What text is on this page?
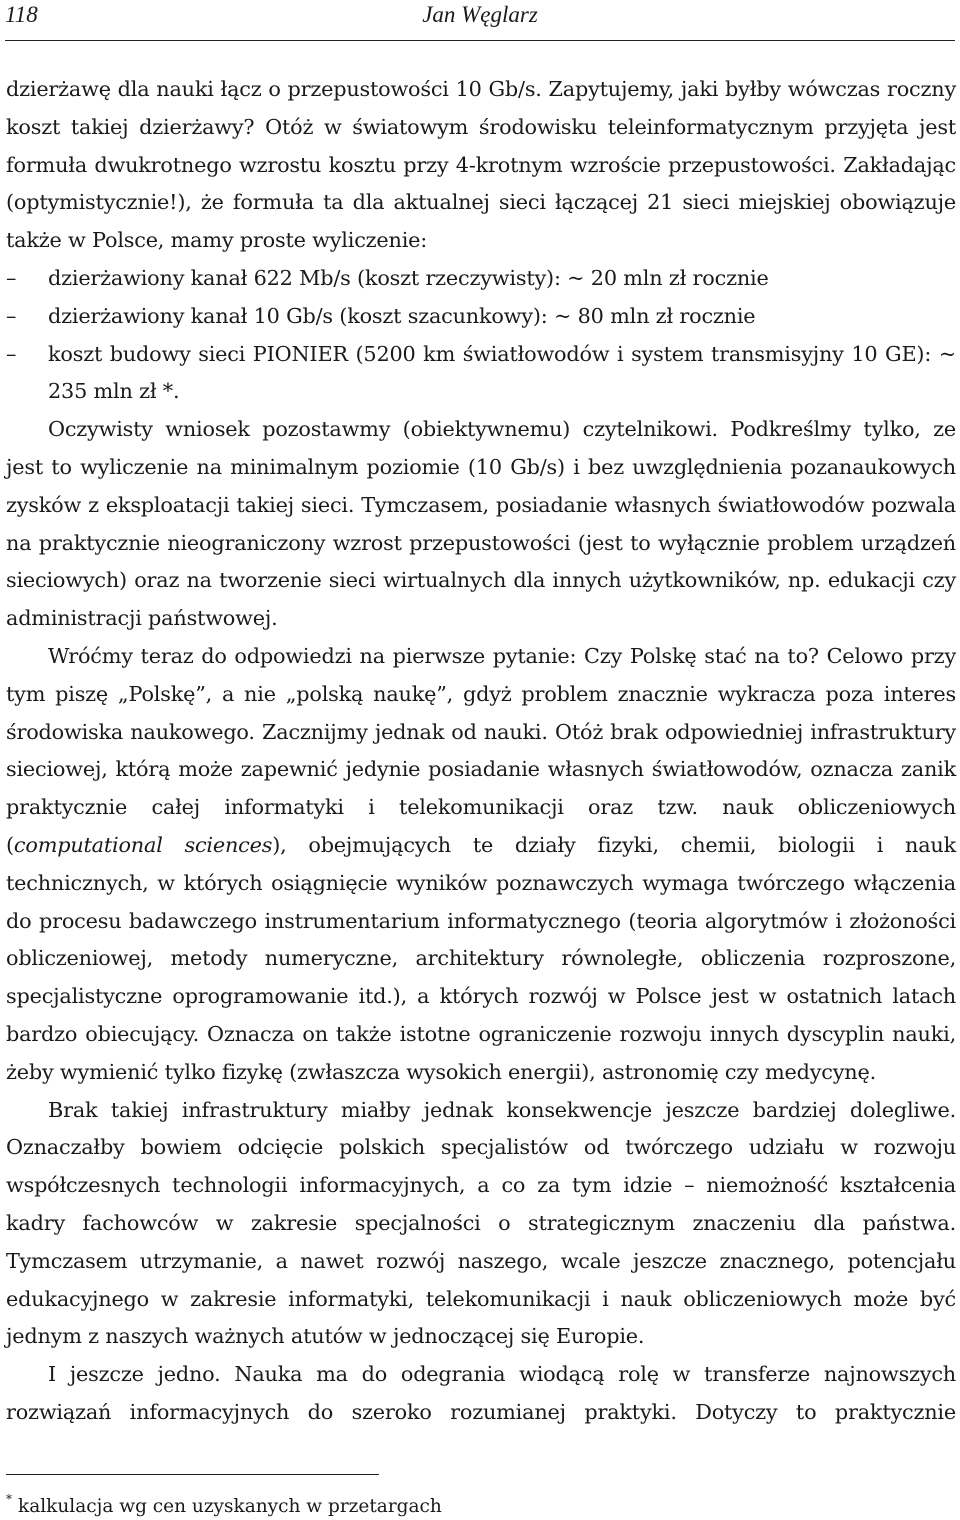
118	Jan Węglarz

dzierżawę dla nauki łącz o przepustowości 10 Gb/s. Zapytujemy, jaki byłby wówczas roczny koszt takiej dzierżawy? Otóż w światowym środowisku teleinformatycznym przyjęta jest formuła dwukrotnego wzrostu kosztu przy 4-krotnym wzroście przepustowości. Zakładając (optymistycznie!), że formuła ta dla aktualnej sieci łączącej 21 sieci miejskiej obowiązuje także w Polsce, mamy proste wyliczenie:

– dzierżawiony kanał 622 Mb/s (koszt rzeczywisty): ~ 20 mln zł rocznie
– dzierżawiony kanał 10 Gb/s (koszt szacunkowy): ~ 80 mln zł rocznie
– koszt budowy sieci PIONIER (5200 km światłowodów i system transmisyjny 10 GE): ~ 235 mln zł *.

Oczywisty wniosek pozostawmy (obiektywnemu) czytelnikowi. Podkreślmy tylko, ze jest to wyliczenie na minimalnym poziomie (10 Gb/s) i bez uwzględnienia pozanaukowych zysków z eksploatacji takiej sieci. Tymczasem, posiadanie własnych światłowodów pozwala na praktycznie nieograniczony wzrost przepustowości (jest to wyłącznie problem urządzeń sieciowych) oraz na tworzenie sieci wirtualnych dla innych użytkowników, np. edukacji czy administracji państwowej.

Wróćmy teraz do odpowiedzi na pierwsze pytanie: Czy Polskę stać na to? Celowo przy tym piszę „Polskę”, a nie „polską naukę”, gdyż problem znacznie wykracza poza interes środowiska naukowego. Zacznijmy jednak od nauki. Otóż brak odpowiedniej infrastruktury sieciowej, którą może zapewnić jedynie posiadanie własnych światłowodów, oznacza zanik praktycznie całej informatyki i telekomunikacji oraz tzw. nauk obliczeniowych (computational sciences), obejmujących te działy fizyki, chemii, biologii i nauk technicznych, w których osiągnięcie wyników poznawczych wymaga twórczego włączenia do procesu badawczego instrumentarium informatycznego (teoria algorytmów i złożoności obliczeniowej, metody numeryczne, architektury równoległe, obliczenia rozproszone, specjalistyczne oprogramowanie itd.), a których rozwój w Polsce jest w ostatnich latach bardzo obiecujący. Oznacza on także istotne ograniczenie rozwoju innych dyscyplin nauki, żeby wymienić tylko fizykę (zwłaszcza wysokich energii), astronomię czy medycynę.

Brak takiej infrastruktury miałby jednak konsekwencje jeszcze bardziej dolegliwe. Oznaczałby bowiem odcięcie polskich specjalistów od twórczego udziału w rozwoju współczesnych technologii informacyjnych, a co za tym idzie – niemożność kształcenia kadry fachowców w zakresie specjalności o strategicznym znaczeniu dla państwa. Tymczasem utrzymanie, a nawet rozwój naszego, wcale jeszcze znacznego, potencjału edukacyjnego w zakresie informatyki, telekomunikacji i nauk obliczeniowych może być jednym z naszych ważnych atutów w jednoczącej się Europie.

I jeszcze jedno. Nauka ma do odegrania wiodącą rolę w transferze najnowszych rozwiązań informacyjnych do szeroko rozumianej praktyki. Dotyczy to praktycznie

* kalkulacja wg cen uzyskanych w przetargach
